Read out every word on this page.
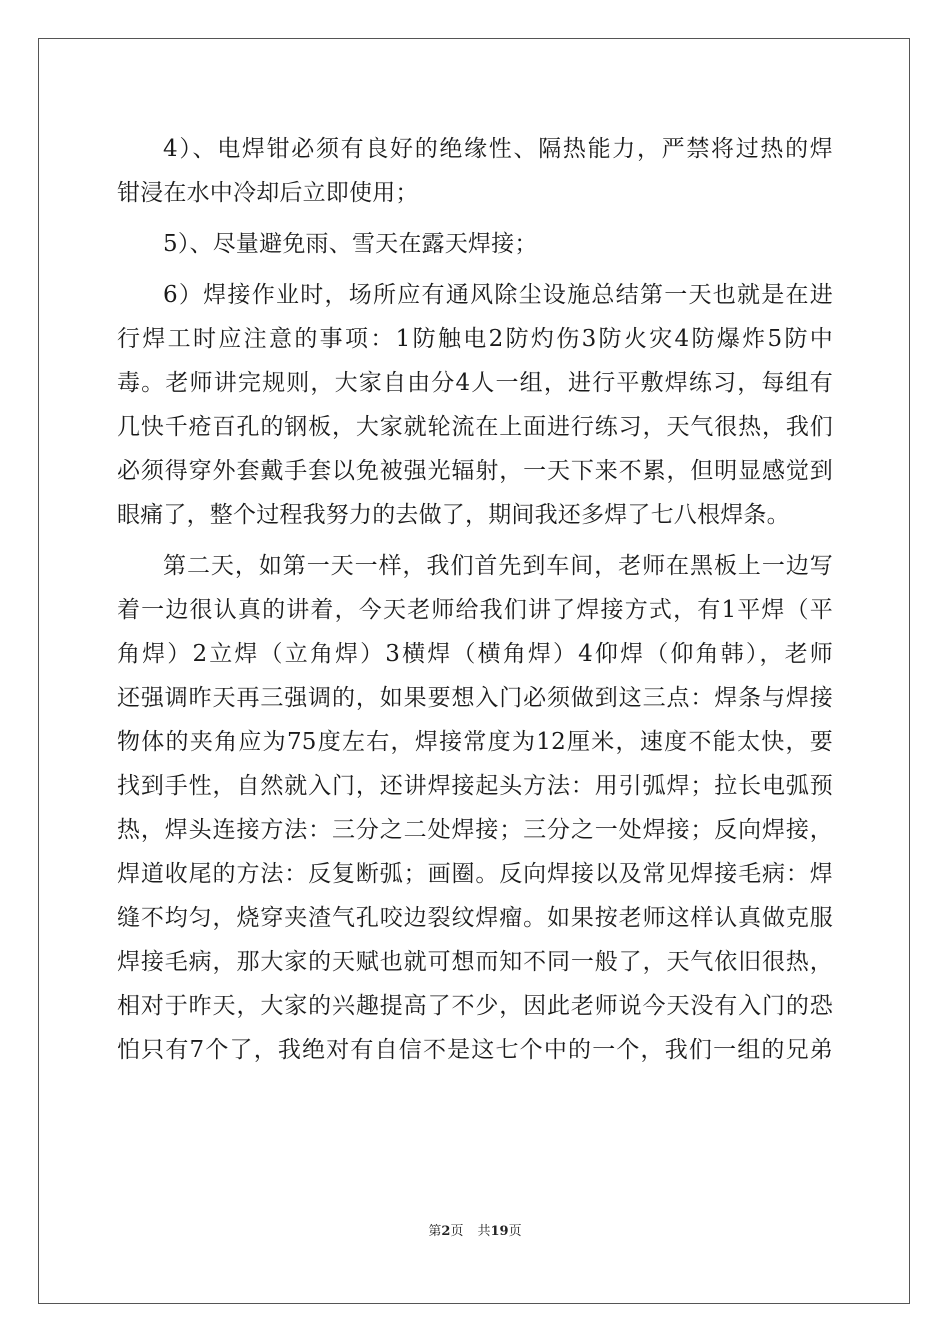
4）、电焊钳必须有良好的绝缘性、隔热能力，严禁将过热的焊
钳浸在水中冷却后立即使用；
5）、尽量避免雨、雪天在露天焊接；
6）焊接作业时，场所应有通风除尘设施总结第一天也就是在进
行焊工时应注意的事项：1防触电2防灼伤3防火灾4防爆炸5防中
毒。老师讲完规则，大家自由分4人一组，进行平敷焊练习，每组有
几快千疮百孔的钢板，大家就轮流在上面进行练习，天气很热，我们
必须得穿外套戴手套以免被强光辐射，一天下来不累，但明显感觉到
眼痛了，整个过程我努力的去做了，期间我还多焊了七八根焊条。
第二天，如第一天一样，我们首先到车间，老师在黑板上一边写
着一边很认真的讲着，今天老师给我们讲了焊接方式，有1平焊（平
角焊）2立焊（立角焊）3横焊（横角焊）4仰焊（仰角韩），老师
还强调昨天再三强调的，如果要想入门必须做到这三点：焊条与焊接
物体的夹角应为75度左右，焊接常度为12厘米，速度不能太快，要
找到手性，自然就入门，还讲焊接起头方法：用引弧焊；拉长电弧预
热，焊头连接方法：三分之二处焊接；三分之一处焊接；反向焊接，
焊道收尾的方法：反复断弧；画圈。反向焊接以及常见焊接毛病：焊
缝不均匀，烧穿夹渣气孔咬边裂纹焊瘤。如果按老师这样认真做克服
焊接毛病，那大家的天赋也就可想而知不同一般了，天气依旧很热，
相对于昨天，大家的兴趣提高了不少，因此老师说今天没有入门的恐
怕只有7个了，我绝对有自信不是这七个中的一个，我们一组的兄弟
第2页 共19页
